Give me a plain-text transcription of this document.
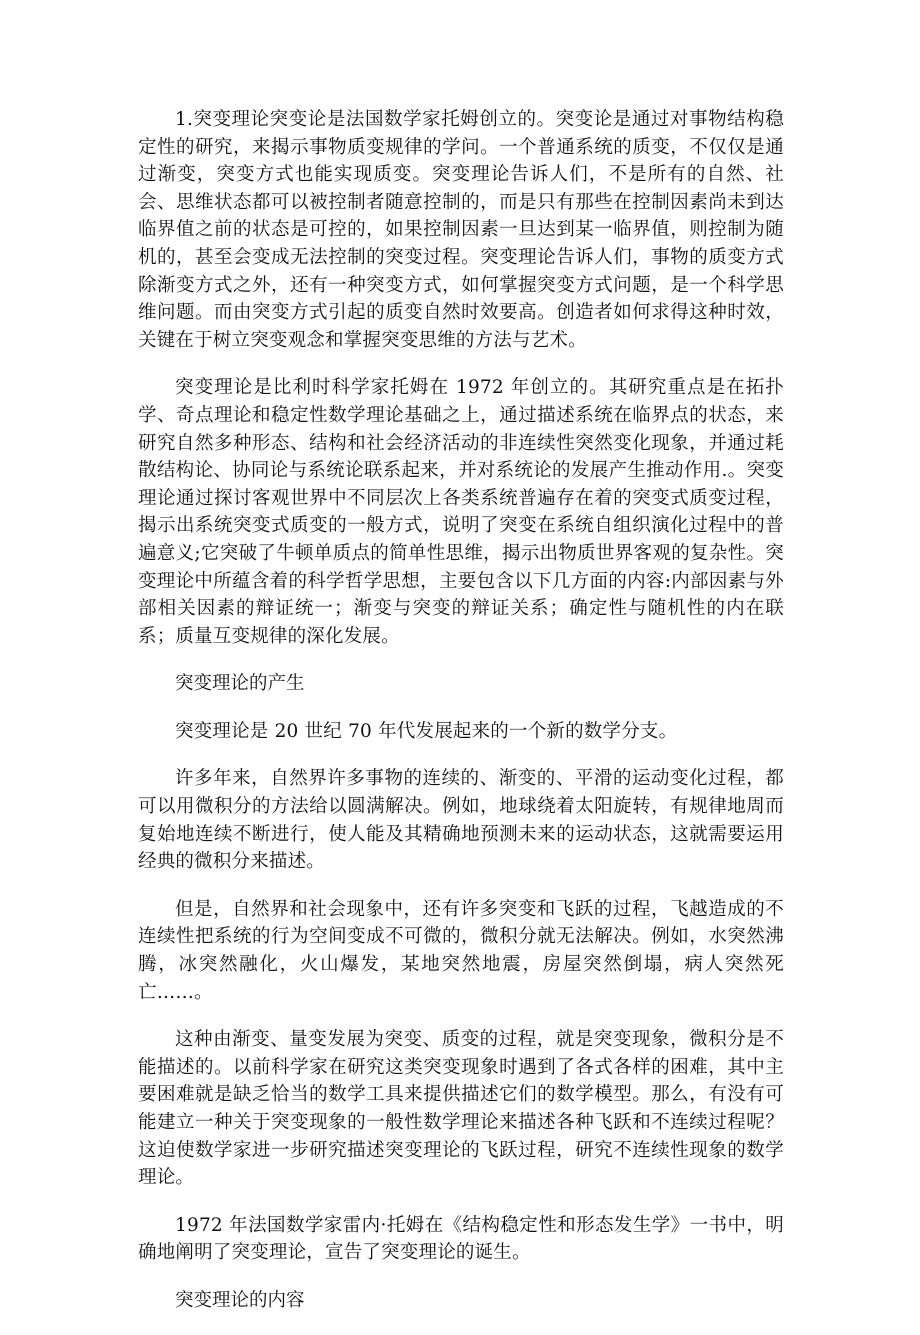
1.突变理论突变论是法国数学家托姆创立的。突变论是通过对事物结构稳定性的研究，来揭示事物质变规律的学问。一个普通系统的质变，不仅仅是通过渐变，突变方式也能实现质变。突变理论告诉人们，不是所有的自然、社会、思维状态都可以被控制者随意控制的，而是只有那些在控制因素尚未到达临界值之前的状态是可控的，如果控制因素一旦达到某一临界值，则控制为随机的，甚至会变成无法控制的突变过程。突变理论告诉人们，事物的质变方式除渐变方式之外，还有一种突变方式，如何掌握突变方式问题，是一个科学思维问题。而由突变方式引起的质变自然时效要高。创造者如何求得这种时效，关键在于树立突变观念和掌握突变思维的方法与艺术。

突变理论是比利时科学家托姆在 1972 年创立的。其研究重点是在拓扑学、奇点理论和稳定性数学理论基础之上，通过描述系统在临界点的状态，来研究自然多种形态、结构和社会经济活动的非连续性突然变化现象，并通过耗散结构论、协同论与系统论联系起来，并对系统论的发展产生推动作用.。突变理论通过探讨客观世界中不同层次上各类系统普遍存在着的突变式质变过程，揭示出系统突变式质变的一般方式，说明了突变在系统自组织演化过程中的普遍意义;它突破了牛顿单质点的简单性思维，揭示出物质世界客观的复杂性。突变理论中所蕴含着的科学哲学思想，主要包含以下几方面的内容:内部因素与外部相关因素的辩证统一；渐变与突变的辩证关系；确定性与随机性的内在联系；质量互变规律的深化发展。

突变理论的产生

突变理论是 20 世纪 70 年代发展起来的一个新的数学分支。

许多年来，自然界许多事物的连续的、渐变的、平滑的运动变化过程，都可以用微积分的方法给以圆满解决。例如，地球绕着太阳旋转，有规律地周而复始地连续不断进行，使人能及其精确地预测未来的运动状态，这就需要运用经典的微积分来描述。

但是，自然界和社会现象中，还有许多突变和飞跃的过程，飞越造成的不连续性把系统的行为空间变成不可微的，微积分就无法解决。例如，水突然沸腾，冰突然融化，火山爆发，某地突然地震，房屋突然倒塌，病人突然死亡……。

这种由渐变、量变发展为突变、质变的过程，就是突变现象，微积分是不能描述的。以前科学家在研究这类突变现象时遇到了各式各样的困难，其中主要困难就是缺乏恰当的数学工具来提供描述它们的数学模型。那么，有没有可能建立一种关于突变现象的一般性数学理论来描述各种飞跃和不连续过程呢？这迫使数学家进一步研究描述突变理论的飞跃过程，研究不连续性现象的数学理论。

1972 年法国数学家雷内·托姆在《结构稳定性和形态发生学》一书中，明确地阐明了突变理论，宣告了突变理论的诞生。

突变理论的内容
